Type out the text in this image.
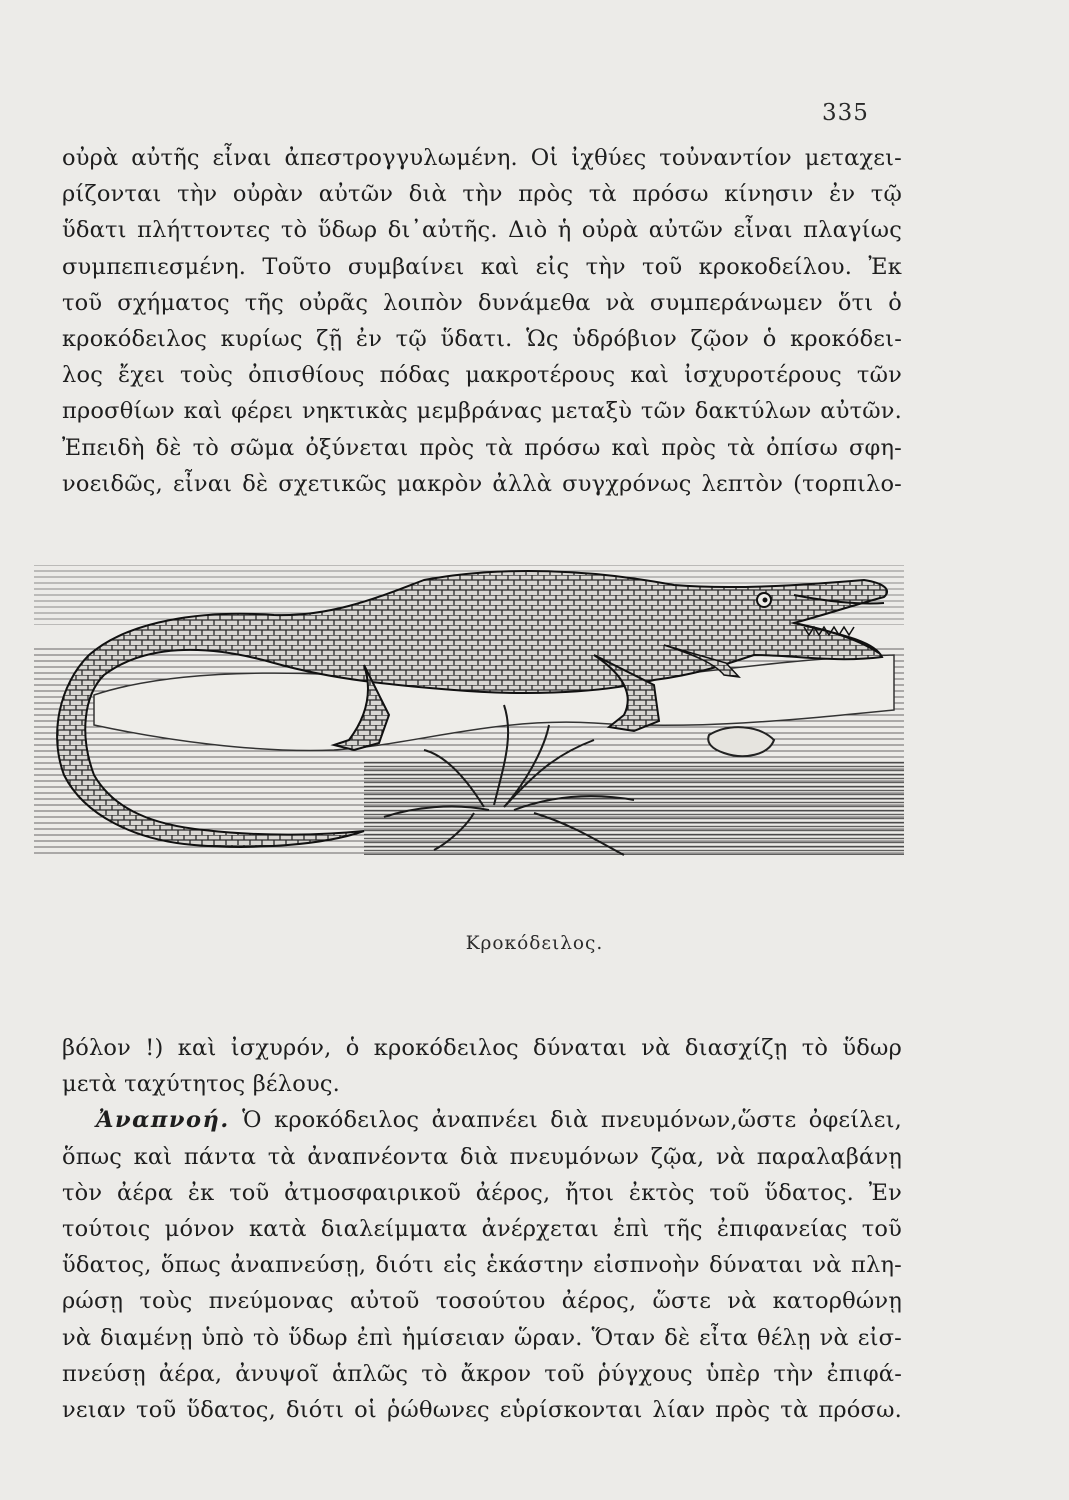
335

οὐρὰ αὐτῆς εἶναι ἀπεστρογγυλωμένη. Οἱ ἰχθύες τοὐναντίον μεταχει-

ρίζονται τὴν οὐρὰν αὐτῶν διὰ τὴν πρὸς τὰ πρόσω κίνησιν ἐν τῷ

ὕδατι πλήττοντες τὸ ὕδωρ δι᾽αὐτῆς. Διὸ ἡ οὐρὰ αὐτῶν εἶναι πλαγίως

συμπεπιεσμένη. Τοῦτο συμβαίνει καὶ εἰς τὴν τοῦ κροκοδείλου. Ἐκ

τοῦ σχήματος τῆς οὐρᾶς λοιπὸν δυνάμεθα νὰ συμπεράνωμεν ὅτι ὁ

κροκόδειλος κυρίως ζῇ ἐν τῷ ὕδατι. Ὡς ὑδρόβιον ζῷον ὁ κροκόδει-

λος ἔχει τοὺς ὀπισθίους πόδας μακροτέρους καὶ ἰσχυροτέρους τῶν

προσθίων καὶ φέρει νηκτικὰς μεμβράνας μεταξὺ τῶν δακτύλων αὐτῶν.

Ἐπειδὴ δὲ τὸ σῶμα ὀξύνεται πρὸς τὰ πρόσω καὶ πρὸς τὰ ὀπίσω σφη-

νοειδῶς, εἶναι δὲ σχετικῶς μακρὸν ἀλλὰ συγχρόνως λεπτὸν (τορπιλο-

Κροκόδειλος.

βόλον !) καὶ ἰσχυρόν, ὁ κροκόδειλος δύναται νὰ διασχίζῃ τὸ ὕδωρ

μετὰ ταχύτητος βέλους.

Ἀναπνοή. Ὁ κροκόδειλος ἀναπνέει διὰ πνευμόνων,ὥστε ὀφείλει,

ὅπως καὶ πάντα τὰ ἀναπνέοντα διὰ πνευμόνων ζῷα, νὰ παραλαβάνῃ

τὸν ἀέρα ἐκ τοῦ ἀτμοσφαιρικοῦ ἀέρος, ἤτοι ἐκτὸς τοῦ ὕδατος. Ἐν

τούτοις μόνον κατὰ διαλείμματα ἀνέρχεται ἐπὶ τῆς ἐπιφανείας τοῦ

ὕδατος, ὅπως ἀναπνεύσῃ, διότι εἰς ἑκάστην εἰσπνοὴν δύναται νὰ πλη-

ρώσῃ τοὺς πνεύμονας αὐτοῦ τοσούτου ἀέρος, ὥστε νὰ κατορθώνῃ

νὰ διαμένῃ ὑπὸ τὸ ὕδωρ ἐπὶ ἡμίσειαν ὥραν. Ὅταν δὲ εἶτα θέλῃ νὰ εἰσ-

πνεύσῃ ἀέρα, ἀνυψοῖ ἁπλῶς τὸ ἄκρον τοῦ ῥύγχους ὑπὲρ τὴν ἐπιφά-

νειαν τοῦ ὕδατος, διότι οἱ ῥώθωνες εὑρίσκονται λίαν πρὸς τὰ πρόσω.
